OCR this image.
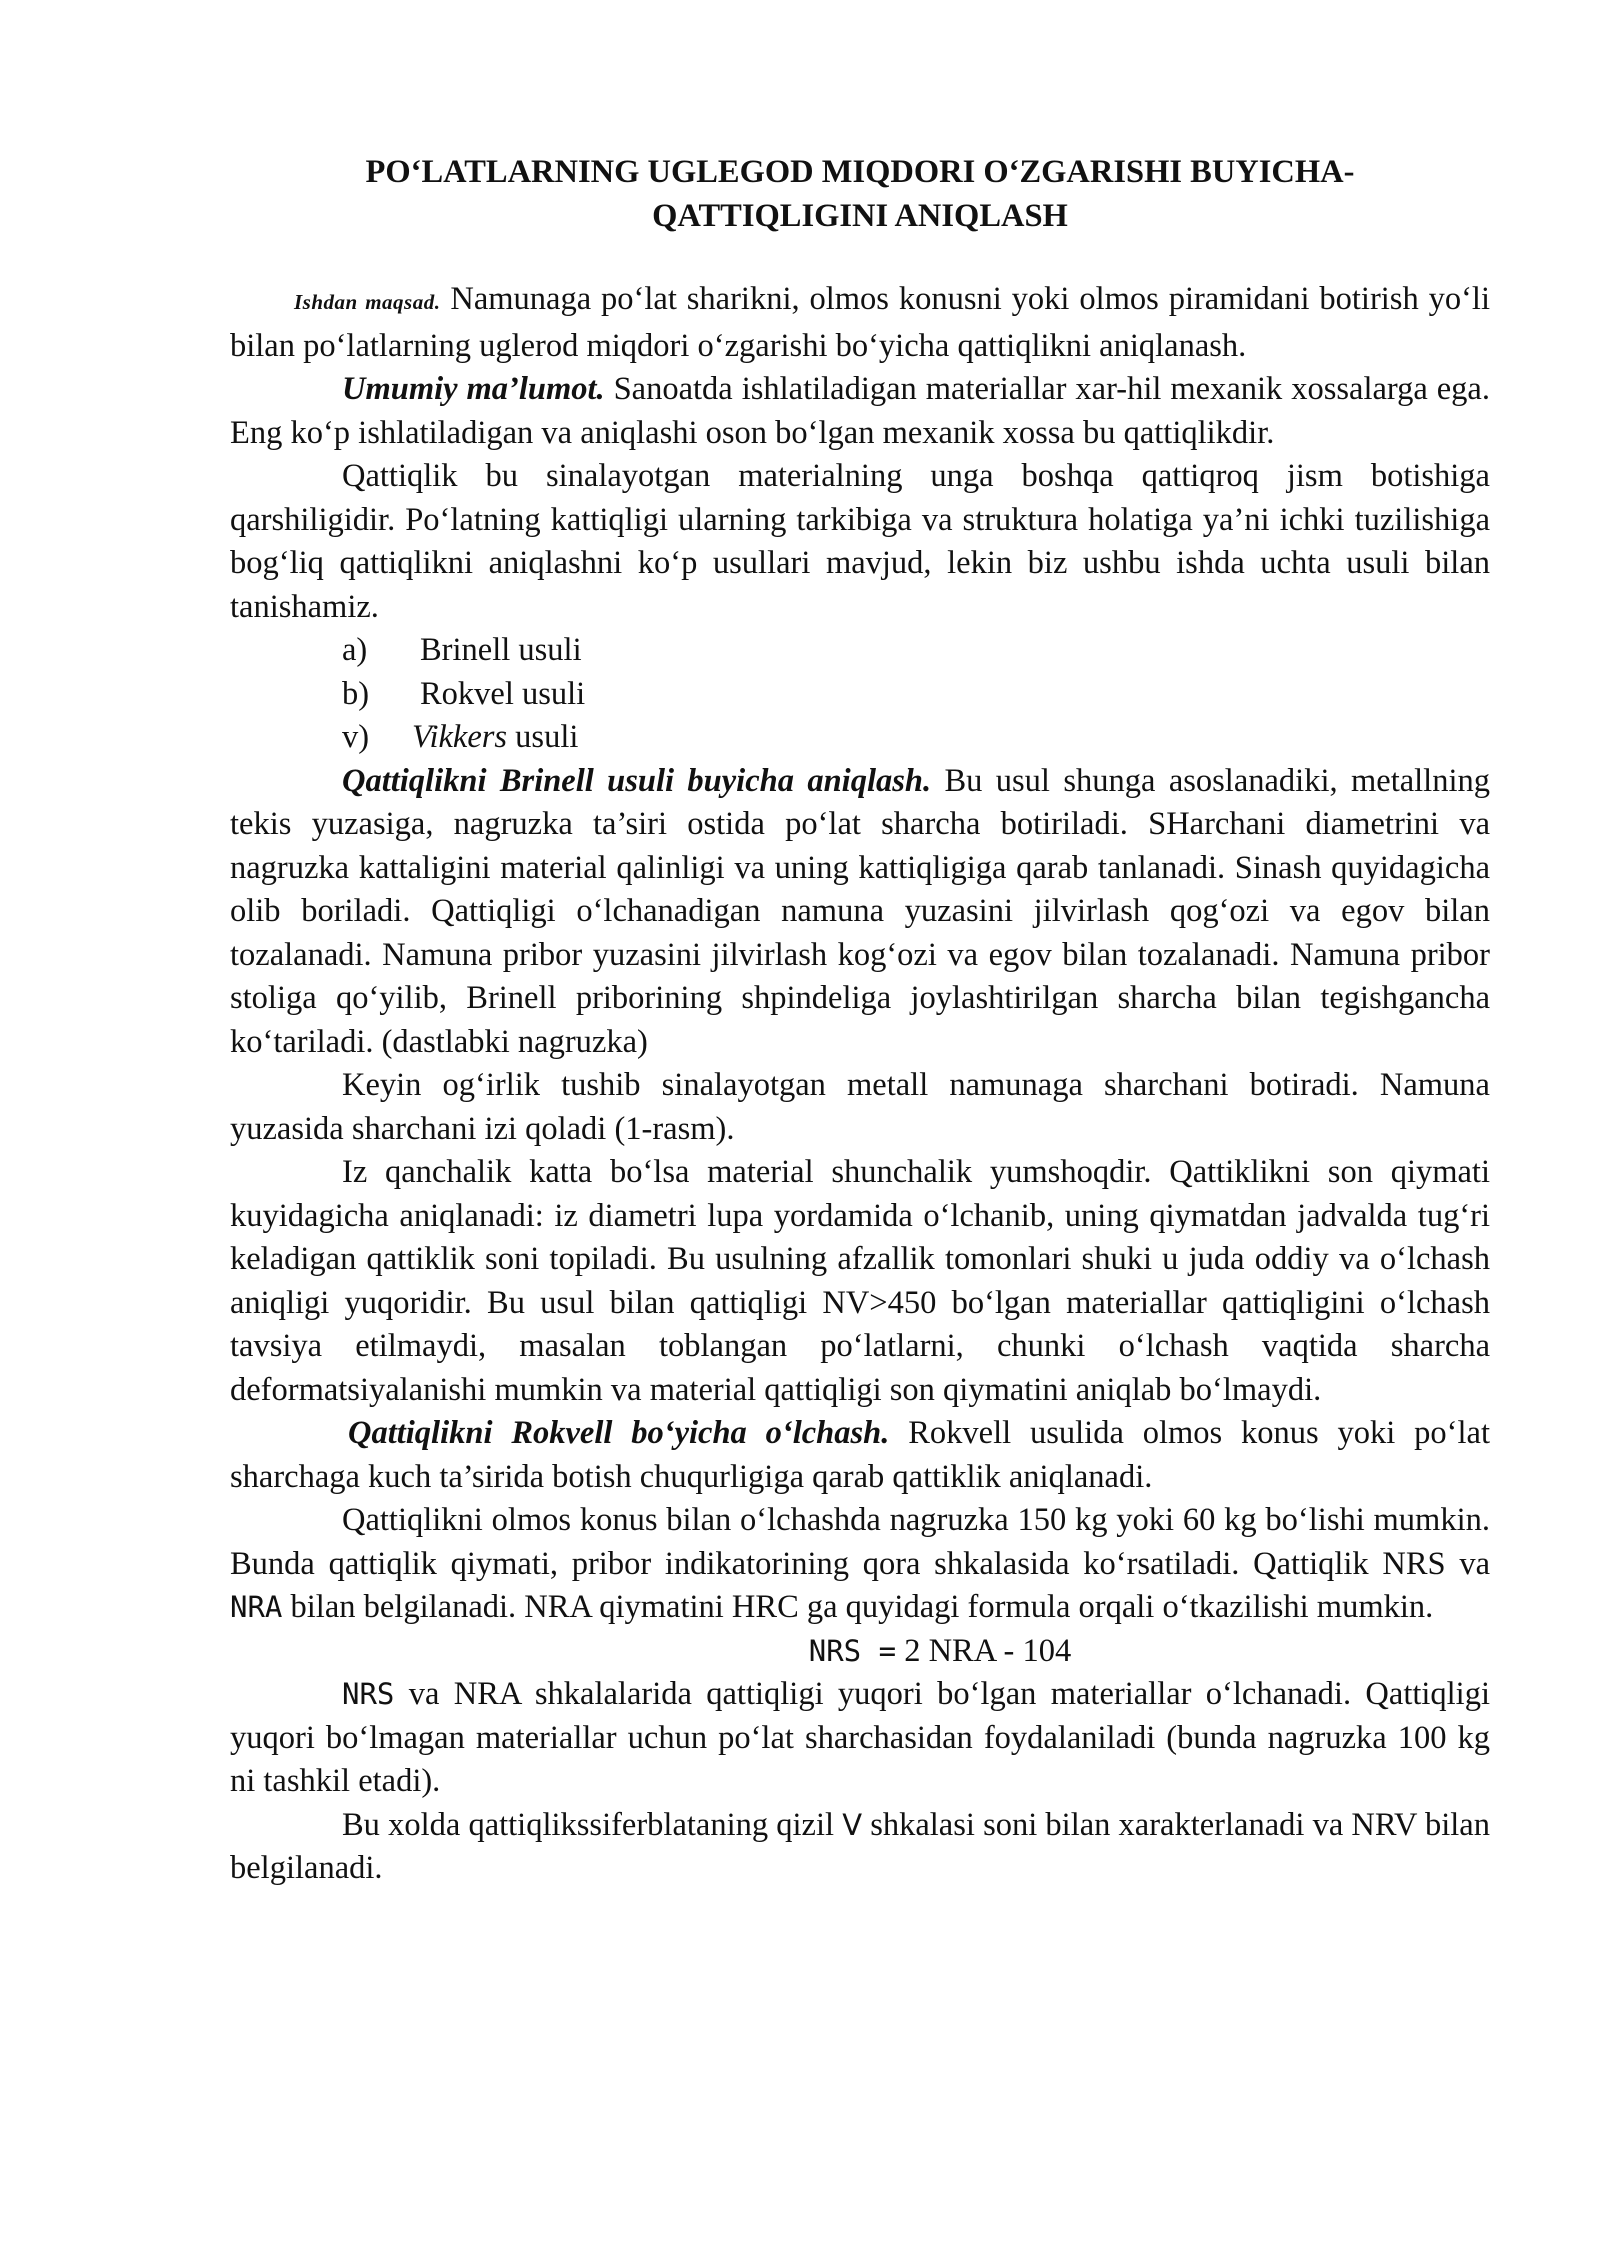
PO‘LATLARNING UGLEGOD MIQDORI O‘ZGARISHI BUYICHA-
QATTIQLIGINI ANIQLASH

Ishdan maqsad. Namunaga po‘lat sharikni, olmos konusni yoki olmos piramidani botirish yo‘li bilan po‘latlarning uglerod miqdori o‘zgarishi bo‘yicha qattiqlikni aniqlanash.

Umumiy ma’lumot. Sanoatda ishlatiladigan materiallar xar-hil mexanik xossalarga ega. Eng ko‘p ishlatiladigan va aniqlashi oson bo‘lgan mexanik xossa bu qattiqlikdir.

Qattiqlik bu sinalayotgan materialning unga boshqa qattiqroq jism botishiga qarshiligidir. Po‘latning kattiqligi ularning tarkibiga va struktura holatiga ya’ni ichki tuzilishiga bog‘liq qattiqlikni aniqlashni ko‘p usullari mavjud, lekin biz ushbu ishda uchta usuli bilan tanishamiz.

a) Brinell usuli
b) Rokvel usuli
v) Vikkers usuli

Qattiqlikni Brinell usuli buyicha aniqlash. Bu usul shunga asoslanadiki, metallning tekis yuzasiga, nagruzka ta’siri ostida po‘lat sharcha botiriladi. SHarchani diametrini va nagruzka kattaligini material qalinligi va uning kattiqligiga qarab tanlanadi. Sinash quyidagicha olib boriladi. Qattiqligi o‘lchanadigan namuna yuzasini jilvirlash qog‘ozi va egov bilan tozalanadi. Namuna pribor yuzasini jilvirlash kog‘ozi va egov bilan tozalanadi. Namuna pribor stoliga qo‘yilib, Brinell priborining shpindeliga joylashtirilgan sharcha bilan tegishgancha ko‘tariladi. (dastlabki nagruzka)

Keyin og‘irlik tushib sinalayotgan metall namunaga sharchani botiradi. Namuna yuzasida sharchani izi qoladi (1-rasm).

Iz qanchalik katta bo‘lsa material shunchalik yumshoqdir. Qattiklikni son qiymati kuyidagicha aniqlanadi: iz diametri lupa yordamida o‘lchanib, uning qiymatdan jadvalda tug‘ri keladigan qattiklik soni topiladi. Bu usulning afzallik tomonlari shuki u juda oddiy va o‘lchash aniqligi yuqoridir. Bu usul bilan qattiqligi NV>450 bo‘lgan materiallar qattiqligini o‘lchash tavsiya etilmaydi, masalan toblangan po‘latlarni, chunki o‘lchash vaqtida sharcha deformatsiyalanishi mumkin va material qattiqligi son qiymatini aniqlab bo‘lmaydi.

Qattiqlikni Rokvell bo‘yicha o‘lchash. Rokvell usulida olmos konus yoki po‘lat sharchaga kuch ta’sirida botish chuqurligiga qarab qattiklik aniqlanadi.

Qattiqlikni olmos konus bilan o‘lchashda nagruzka 150 kg yoki 60 kg bo‘lishi mumkin. Bunda qattiqlik qiymati, pribor indikatorining qora shkalasida ko‘rsatiladi. Qattiqlik NRS va NRA bilan belgilanadi. NRA qiymatini HRC ga quyidagi formula orqali o‘tkazilishi mumkin.

NRS = 2 NRA - 104

NRS va NRA shkalalarida qattiqligi yuqori bo‘lgan materiallar o‘lchanadi. Qattiqligi yuqori bo‘lmagan materiallar uchun po‘lat sharchasidan foydalaniladi (bunda nagruzka 100 kg ni tashkil etadi).

Bu xolda qattiqlikssiferblataning qizil V shkalasi soni bilan xarakterlanadi va NRV bilan belgilanadi.
